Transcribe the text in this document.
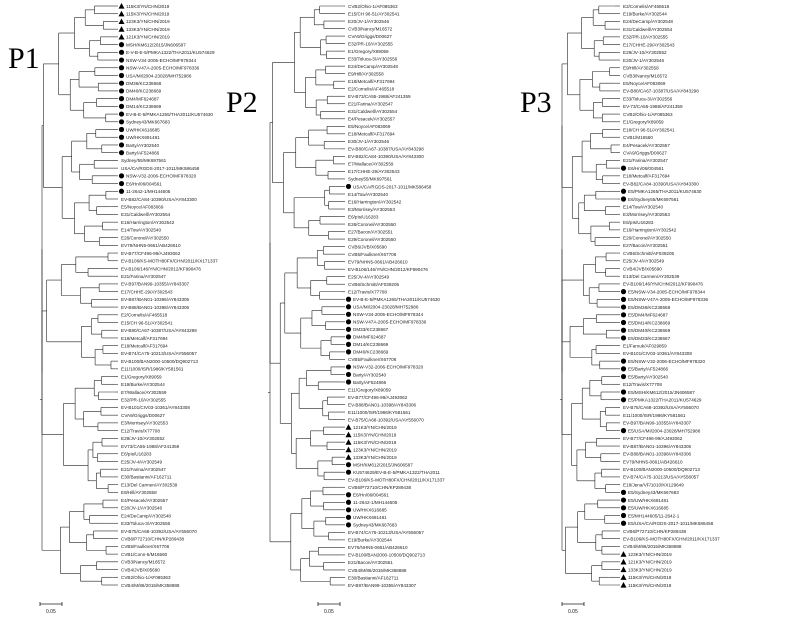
P1
P2	P3
115K3/YN/CHN/2019
115K3/YN/CHN/2019
123K3/YN/CHN/2019
133K3/YN/CHN/2019
121K3/YN/CHN/2019
MSH/KM612/2015/JN606587
E-V-B-E-5/PMKA1322/THA2011/KU574629
NSW-V34-2005-ECHO/MF978344
NSW-V47A-2005-ECHO/MF978336
USA/MI/2004-23028/MH752986
DM36/KC238668
DM40/KC238669
DM4/MF624687
DM14/KC238669
EV-B-E-5/PMKA1265/THA2011/KU574630
Sydney43/MK667683
UW/HKX616685
UW/HKX691481
Barty/AY302540
Barty/AF524866
Sydney/55/MK697561
USA/CA/RGDS-2017-1011/MK586458
NSW-V32-2006-ECHO/MF978320
E6/Hn/06/004561
11-2642-1/MH144605
EV-B82/CA84-10390/USA/AY843300
E5/Noyce/AF083069
E31/Caldwell/AY302554
E16/Harrington/AY302542
E14/Tow/AY302540
E26/Coronel/AY302550
EV79/NHN5-0661/AB426610
EV-B77/CF496-99/AJ493062
EV-B106/KS-MOTH80FX/CHN/2011/KX171337
EV-B106/146/YN/CHN/2012/KF990476
E21/Farina/AY302547
EV-B97/BAN99-10355/AY843307
E17/CHHE-29/AY302543
EV-B87/BAN01-10396/AY843305
EV-B88/BAN01-10398/AY843306
E2/Cornelis/AF465518
E15/CH 96-51/AY302541
EV-B80/CA67-10387/USA/AY843298
E18/Metcalf/AF317694
E18/Metcalf/AF317694
EV-B74/CA75-10213/USA/AY556057
EV-B100/BAN2000-10500/DQ902713
E11/1000/ISR/1986/KY581561
E1/Gregory/X89059
E19/Burke/AY302544
E7/Wallace/AY302559
E32/PR-10/AY302555
EV-B101/CIV03-10361/AY843308
CVA9/Griggs/D00627
E3/Morrisey/AY302553
E12/Travis/X77708
E29/JV-10/AY302552
EV73/CA55-1988/AF241359
E6/pIs/U16283
E25/JV-4/AY302549
E21/Farina/AY302547
E30/Bastianni/AF162711
E13/Del Carmen/AY302539
E9/Hill/AY302558
E4/Pesacek/AY302557
E20/JV-1/AY302546
E24/DeCamp/AY302548
E33/Toluca-3/AY302556
EV-B75/CA68-10392/USA/AY556070
CVB6/P72710/CHN/KP289438
CVB5/Faulkner/X67706
CVB1/Conn-5/M16560
CVB3/Nancy/M16572
CVB4/JVB/X05690
CVB2/Ohio-1/AF085363
CVB4/M/86/2015/MK358888
0.05
CVB2/Ohio-1/AF085363
E15/CH 96-51/AY302541
E20/JV-1/AY302546
CVB3/Nancy/M16572
CVA9/Griggs/D00627
E32/PR-10/AY302555
E1/Gregory/X89059
E33/Toluca-3/AY302556
E24/DeCamp/AY302548
E9/Hill/AY302558
E18/Metcalf/AF317694
E2/Cornelis/AF465518
EV-B73/CA55-1988/AF241359
E21/Farina/AY302547
E31/Caldwell/AY302554
E4/Pesacek/AY302557
E5/Noyce/AF083069
E18/Metcalf/AF317694
E30/JV-1/AY302546
EV-B80/CA67-10387/USA/AY843298
EV-B82/CA84-10390/USA/AY843300
E7/Wallace/AY302559
E17/CHHE-29/AY302543
Sydney55/MK697561
USA/CA/RGDS-2017-1011/MK586458
E14/Tow/AY302540
E16/Harrington/AY302542
E3/Morrisey/AY302553
E6/pIs/U16283
E26/Coronel/AY302550
E27/Bacon/AY302551
E29/Coronel/AY302550
CVB6/JVB/X05690
CVB5/Faulkner/X67706
EV79/NHN5-0661/AB426610
EV-B106/146/YN/CHN/2012/KF990476
E25/JV-4/AY302549
CVB6/Schmitt/AF039205
E12/Travis/X77708
EV-B-E-5/PMKA1265/THA2011/KU574630
USA/MI/2004-23028/MH752986
NSW-V34-2005-ECHO/MF978344
NSW-V47A-2005-ECHO/MF978336
DM33/KC238667
DM4/MF624687
DM14/KC238669
DM40/KC238669
CVB5/Faulkner/X67706
NSW-V32-2006-ECHO/MF978320
Barty/AY302540
Barty/AF524866
E11/Gregory/X89059
EV-B77/CF496-99/AJ493062
EV-B88/BAN01-10398/AY843306
E11/1000/ISR/1986/KY581561
EV-B75/CA68-10392/USA/AY556070
121K3/YN/CHN/2019
115K3/YN/CHN/2019
115K3/YN/CHN/2019
123K3/YN/CHN/2019
133K3/YN/CHN/2019
MSH/KM612/2015/JN606587
KU574629/EV-B-E-5/PMKA1322/THA2011
EV-B106/KS-MOTH80FX/CHN/2011/KX171337
CVB6/P72710/CHN/KP289438
E6/Hn/06/004561
11-2642-1/MH144605
UW/HKX616685
UW/HKX691481
Sydney43/MK667683
EV-B74/CA75-10213/USA/AY556057
E19/Burke/AY302544
EV76/NHN5-0661/AB426610
EV-B100/BAN2000-10500/DQ902713
E21/Bacon/AY302551
CVB4/M/86/2015/MK358888
E30/Bastianni/AF162711
EV-B97/BAN99-10355/AY843307
0.05
E2/Cornelis/AF465518
E19/Burke/AY302544
E24/DeCamp/AY302548
E31/Caldwell/AY302554
E32/PR-10/AY302555
E17/CHHE-29/AY302543
E29/JV-10/AY302552
E20/JV-1/AY302546
E9/Hill/AY302558
CVB3/Nancy/M16572
E5/Noyce/AF083069
EV-B80/CA67-10387/USA/AY843298
E33/Toluca-3/AY302556
EV-73/CA55-1988/AF241359
CVB2/Ohio-1/AF085363
E1/Gregory/X89059
E18/CH 96-51/AY302541
CVB1/M16560
E4/Pesacek/AY302557
CVA9/Griggs/D00627
E21/Farina/AY302547
E6/Hn/06/004561
E18/Metcalf/AF317694
EV-B82/CA84-10390/USA/AY843300
E5/PMKA1265/THA2011/KU574630
E6/Sydney55/MK697561
E14/Tow/AY302540
E3/Morrisey/AY302553
E6/pIs/U16283
E16/Harrington/AY302542
E26/Coronel/AY302550
E27/Bacon/AY302551
CVB6/Schmitt/AF039205
E25/JV-4/AY302549
CVB4/JVB/X05690
E13/Del Carmen/AY302539
EV-B106/146/YN/CHN/2012/KF990476
E5/NSW-V34-2005-ECHO/MF978344
E5/NSW-V47A-2005-ECHO/MF978336
E5/DM36/KC238668
E5/DM4/MF624687
E5/DM14/KC238669
E5/DM40/KC238669
E5/DM33/KC238667
E1/Farouk/AF029859
EV-B101/CIV03-10361/AY843308
E5/NSW-V32-2006-ECHO/MF978320
E5/Barty/AF524866
E5/Barty/AY302540
E12/Travis/X77708
E5/MSH/KM612/2015/JN606587
E5/PMKA1322/THA2011/KU574629
EV-B75/CA68-10392/USA/AY556070
E11/1000/ISR/1986/KY581561
EV-B97/BAN99-10355/AY843307
E5/USA/MI/2004-23028/MH752986
EV-B77/CF496-99/AJ493062
EV-B87/BAN01-10396/AY843305
EV-B88/BAN01-10398/AY843306
EV79/NHN5-0661/AB426610
EV-B100/BAN2000-10500/DQ902713
EV-B74/CA75-10213/USA/AY556057
E18/Jena/VF/1010/KX129649
E5/Sydney43/MK667683
E5/UW/HKX691481
E5/UW/HKX616685
E5/MH144605/11-2642-1
E5/USA/CA/RGDS-2017-1011/MK586458
CVB6/P72710/CHN/KP289438
EV-B106/KS-MOTH80FX/CHN/2011/KX171337
CVB4/M/86/2015/MK358888
123K3/YN/CHN/2019
121K3/YN/CHN/2019
133K3/YN/CHN/2019
115K3/YN/CHN/2019
115K3/YN/CHN/2019
0.05
